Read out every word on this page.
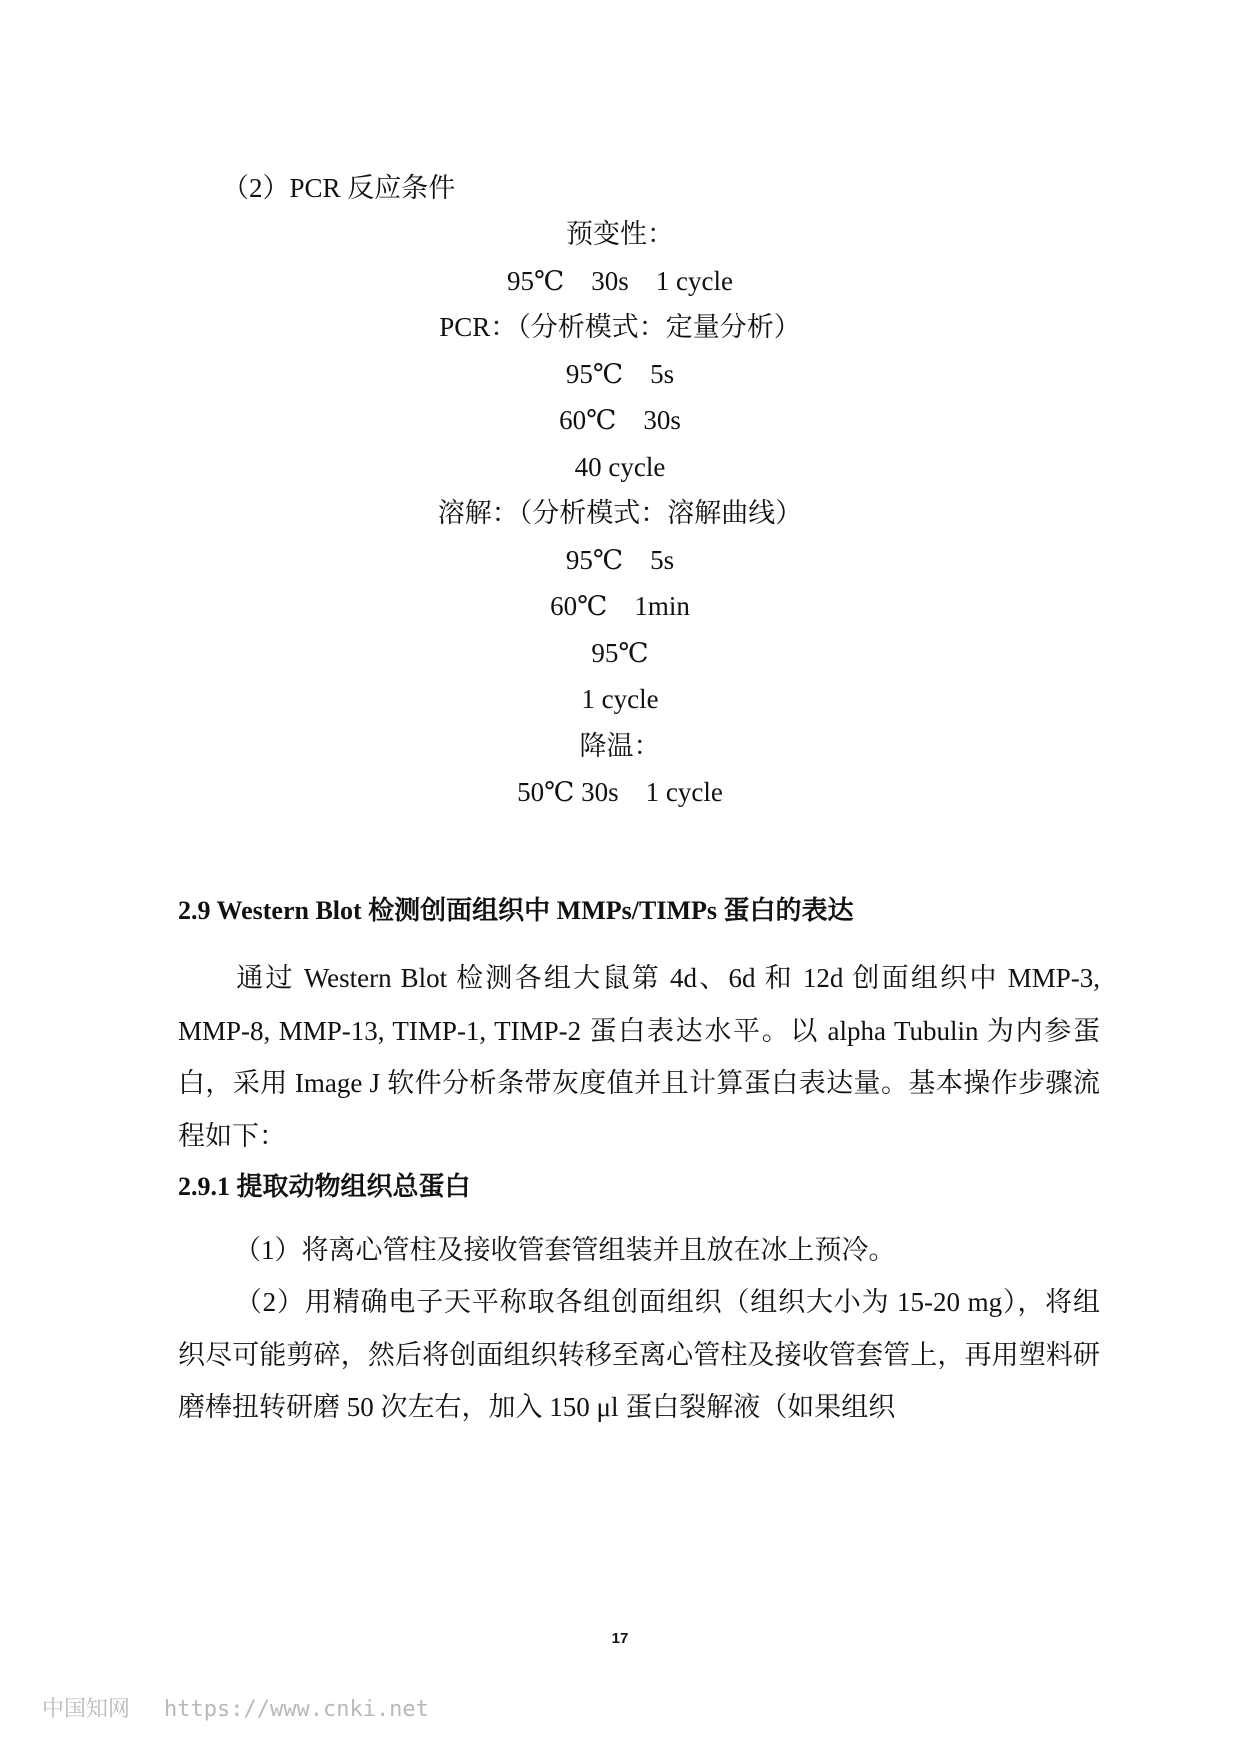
（2）PCR 反应条件
预变性：
95℃　30s　1 cycle
PCR：（分析模式：定量分析）
95℃　5s
60℃　30s
40 cycle
溶解：（分析模式：溶解曲线）
95℃　5s
60℃　1min
95℃
1 cycle
降温：
50℃ 30s　1 cycle
2.9 Western Blot 检测创面组织中 MMPs/TIMPs 蛋白的表达
通过 Western Blot 检测各组大鼠第 4d、6d 和 12d 创面组织中 MMP-3, MMP-8, MMP-13, TIMP-1, TIMP-2 蛋白表达水平。以 alpha Tubulin 为内参蛋白，采用 Image J 软件分析条带灰度值并且计算蛋白表达量。基本操作步骤流程如下：
2.9.1 提取动物组织总蛋白
（1）将离心管柱及接收管套管组装并且放在冰上预冷。
（2）用精确电子天平称取各组创面组织（组织大小为 15-20 mg），将组织尽可能剪碎，然后将创面组织转移至离心管柱及接收管套管上，再用塑料研磨棒扭转研磨 50 次左右，加入 150 μl 蛋白裂解液（如果组织
17
中国知网 https://www.cnki.net
